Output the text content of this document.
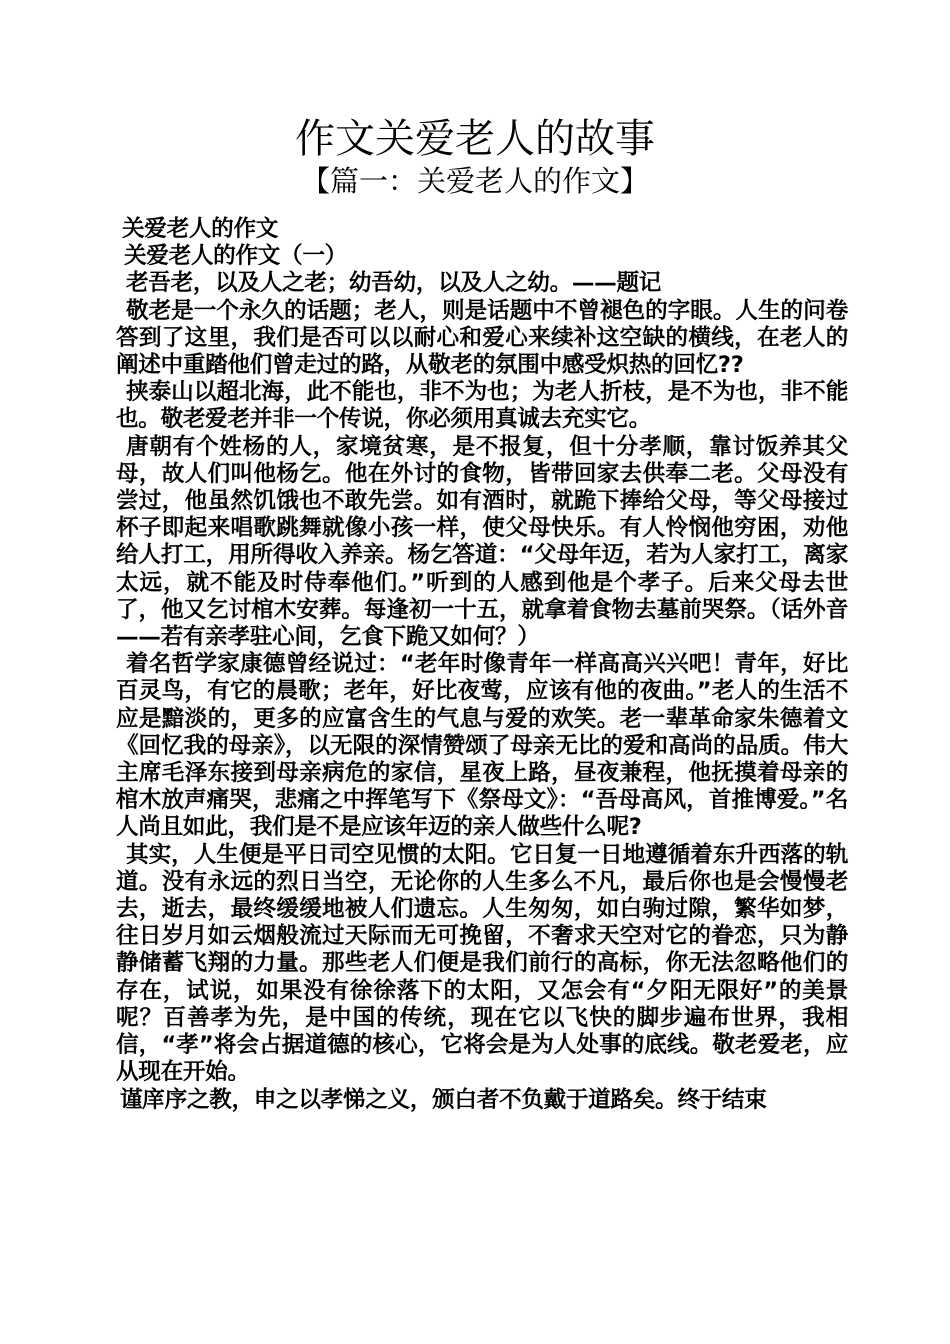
作文关爱老人的故事
【篇一：关爱老人的作文】

关爱老人的作文

关爱老人的作文（一）

老吾老，以及人之老；幼吾幼，以及人之幼。——题记

敬老是一个永久的话题；老人，则是话题中不曾褪色的字眼。人生的问卷答到了这里，我们是否可以以耐心和爱心来续补这空缺的横线，在老人的阐述中重踏他们曾走过的路，从敬老的氛围中感受炽热的回忆??

挟泰山以超北海，此不能也，非不为也；为老人折枝，是不为也，非不能也。敬老爱老并非一个传说，你必须用真诚去充实它。

唐朝有个姓杨的人，家境贫寒，是不报复，但十分孝顺，靠讨饭养其父母，故人们叫他杨乞。他在外讨的食物，皆带回家去供奉二老。父母没有尝过，他虽然饥饿也不敢先尝。如有酒时，就跪下捧给父母，等父母接过杯子即起来唱歌跳舞就像小孩一样，使父母快乐。有人怜悯他穷困，劝他给人打工，用所得收入养亲。杨乞答道：“父母年迈，若为人家打工，离家太远，就不能及时侍奉他们。”听到的人感到他是个孝子。后来父母去世了，他又乞讨棺木安葬。每逢初一十五，就拿着食物去墓前哭祭。（话外音——若有亲孝驻心间，乞食下跪又如何？）

着名哲学家康德曾经说过：“老年时像青年一样高高兴兴吧！青年，好比百灵鸟，有它的晨歌；老年，好比夜莺，应该有他的夜曲。”老人的生活不应是黯淡的，更多的应富含生的气息与爱的欢笑。老一辈革命家朱德着文《回忆我的母亲》，以无限的深情赞颂了母亲无比的爱和高尚的品质。伟大主席毛泽东接到母亲病危的家信，星夜上路，昼夜兼程，他抚摸着母亲的棺木放声痛哭，悲痛之中挥笔写下《祭母文》：“吾母高风，首推博爱。”名人尚且如此，我们是不是应该年迈的亲人做些什么呢?

其实，人生便是平日司空见惯的太阳。它日复一日地遵循着东升西落的轨道。没有永远的烈日当空，无论你的人生多么不凡，最后你也是会慢慢老去，逝去，最终缓缓地被人们遗忘。人生匆匆，如白驹过隙，繁华如梦，往日岁月如云烟般流过天际而无可挽留，不奢求天空对它的眷恋，只为静静储蓄飞翔的力量。那些老人们便是我们前行的高标，你无法忽略他们的存在，试说，如果没有徐徐落下的太阳，又怎会有“夕阳无限好”的美景呢？百善孝为先，是中国的传统，现在它以飞快的脚步遍布世界，我相信，“孝”将会占据道德的核心，它将会是为人处事的底线。敬老爱老，应从现在开始。

谨庠序之教，申之以孝悌之义，颁白者不负戴于道路矣。终于结束
